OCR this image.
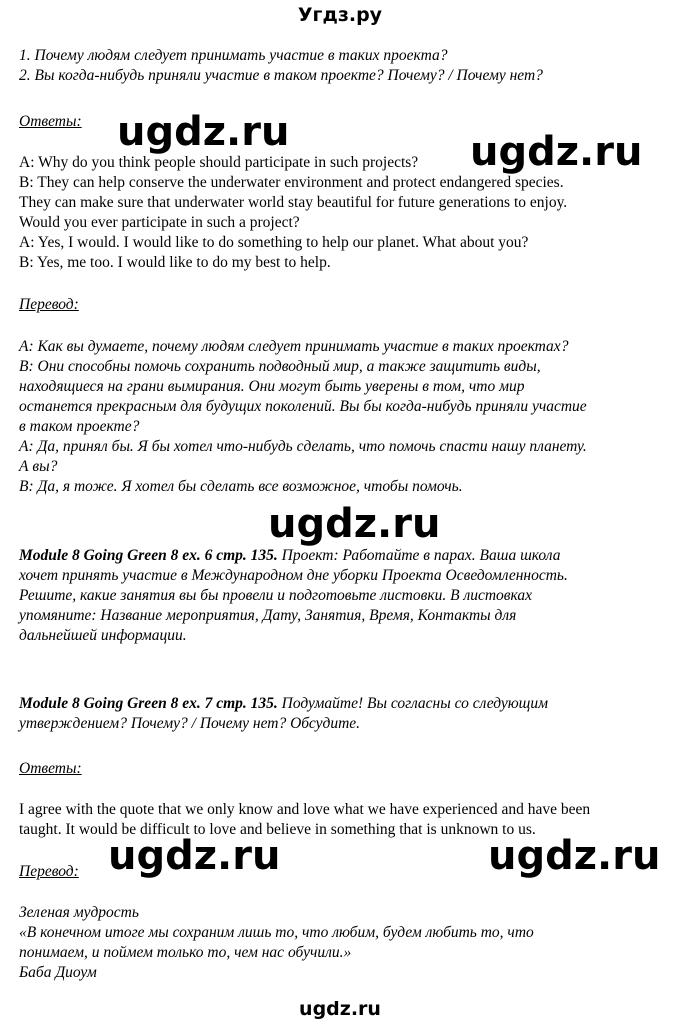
Угдз.ру
1. Почему людям следует принимать участие в таких проекта?
2. Вы когда-нибудь приняли участие в таком проекте? Почему? / Почему нет?
Ответы:
A: Why do you think people should participate in such projects?
B: They can help conserve the underwater environment and protect endangered species.
They can make sure that underwater world stay beautiful for future generations to enjoy.
Would you ever participate in such a project?
A: Yes, I would. I would like to do something to help our planet. What about you?
B: Yes, me too. I would like to do my best to help.
Перевод:
А: Как вы думаете, почему людям следует принимать участие в таких проектах?
В: Они способны помочь сохранить подводный мир, а также защитить виды,
находящиеся на грани вымирания. Они могут быть уверены в том, что мир
останется прекрасным для будущих поколений. Вы бы когда-нибудь приняли участие
в таком проекте?
А: Да, принял бы. Я бы хотел что-нибудь сделать, что помочь спасти нашу планету.
А вы?
В: Да, я тоже. Я хотел бы сделать все возможное, чтобы помочь.
Module 8 Going Green 8 ex. 6 стр. 135. Проект: Работайте в парах. Ваша школа
хочет принять участие в Международном дне уборки Проекта Осведомленность.
Решите, какие занятия вы бы провели и подготовьте листовки. В листовках
упомяните: Название мероприятия, Дату, Занятия, Время, Контакты для
дальнейшей информации.
Module 8 Going Green 8 ex. 7 стр. 135. Подумайте! Вы согласны со следующим
утверждением? Почему? / Почему нет? Обсудите.
Ответы:
I agree with the quote that we only know and love what we have experienced and have been
taught. It would be difficult to love and believe in something that is unknown to us.
Перевод:
Зеленая мудрость
«В конечном итоге мы сохраним лишь то, что любим, будем любить то, что
понимаем, и поймем только то, чем нас обучили.»
Баба Диоум
ugdz.ru	ugdz.ru
ugdz.ru
ugdz.ru	ugdz.ru
ugdz.ru
